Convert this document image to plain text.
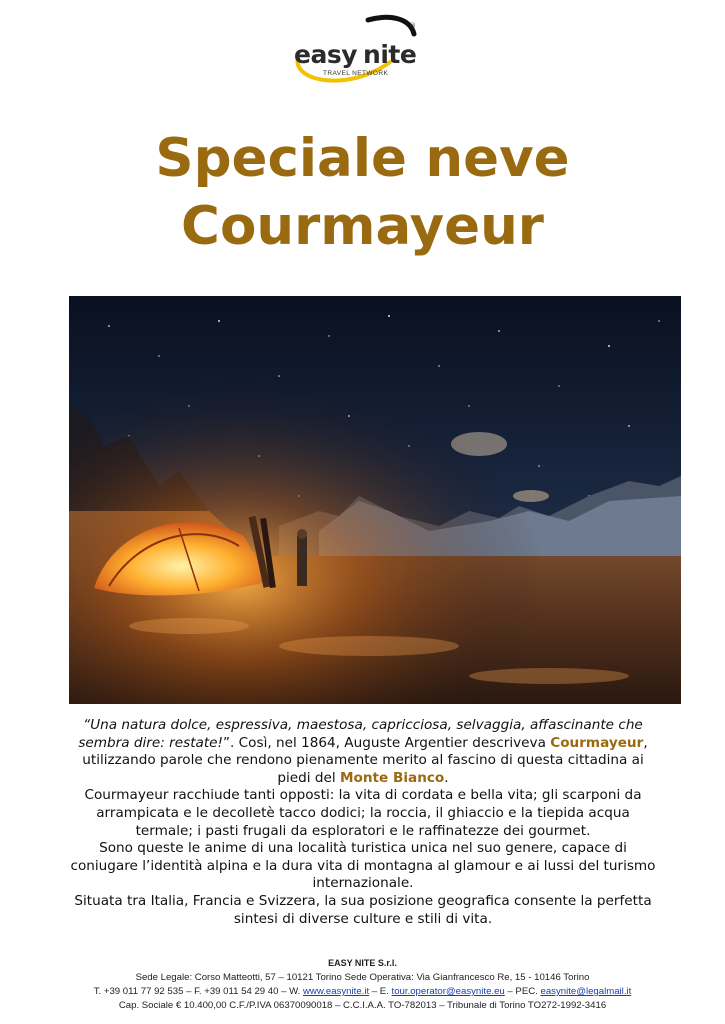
easy nite
®
TRAVEL NETWORK
Speciale neve
Courmayeur

“Una natura dolce, espressiva, maestosa, capricciosa, selvaggia, affascinante che sembra dire: restate!”. Così, nel 1864, Auguste Argentier descriveva Courmayeur, utilizzando parole che rendono pienamente merito al fascino di questa cittadina ai piedi del Monte Bianco.

Courmayeur racchiude tanti opposti: la vita di cordata e bella vita; gli scarponi da arrampicata e le decolletè tacco dodici; la roccia, il ghiaccio e la tiepida acqua termale; i pasti frugali da esploratori e le raffinatezze dei gourmet.

Sono queste le anime di una località turistica unica nel suo genere, capace di coniugare l’identità alpina e la dura vita di montagna al glamour e ai lussi del turismo internazionale.

Situata tra Italia, Francia e Svizzera, la sua posizione geografica consente la perfetta sintesi di diverse culture e stili di vita.

EASY NITE S.r.l.
Sede Legale: Corso Matteotti, 57 – 10121 Torino Sede Operativa: Via Gianfrancesco Re, 15 - 10146 Torino
T. +39 011 77 92 535 – F. +39 011 54 29 40 – W. www.easynite.it – E. tour.operator@easynite.eu – PEC. easynite@legalmail.it
Cap. Sociale € 10.400,00 C.F./P.IVA 06370090018 – C.C.I.A.A. TO-782013 – Tribunale di Torino TO272-1992-3416
